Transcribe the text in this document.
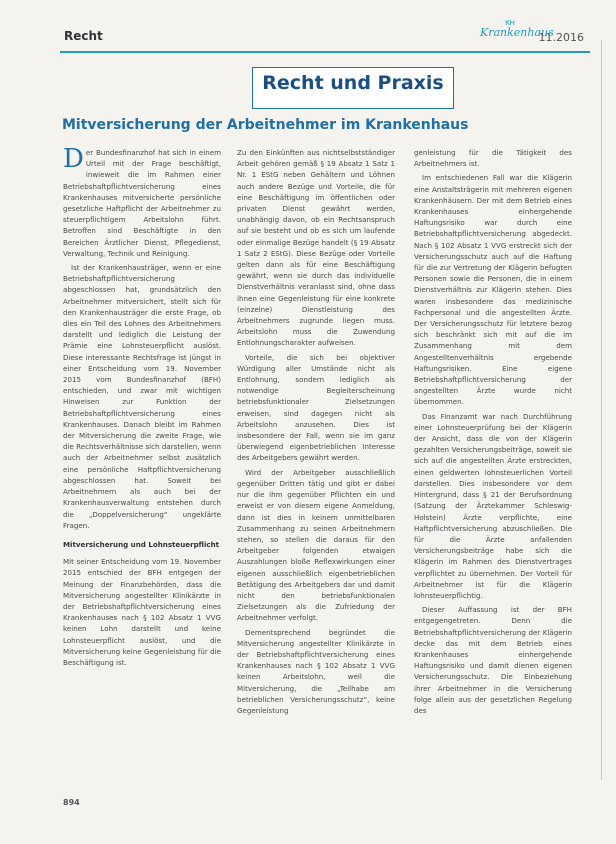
Recht
KH
Krankenhaus
11.2016
Recht und Praxis
Mitversicherung der Arbeitnehmer im Krankenhaus

Der Bundesfinanzhof hat sich in einem Urteil mit der Frage beschäftigt, inwieweit die im Rahmen einer Betriebshaftpflichtversicherung eines Krankenhauses mitversicherte persönliche gesetzliche Haftpflicht der Arbeitnehmer zu steuerpflichtigem Arbeitslohn führt. Betroffen sind Beschäftigte in den Bereichen Ärztlicher Dienst, Pflegedienst, Verwaltung, Technik und Reinigung.

Ist der Krankenhausträger, wenn er eine Betriebshaftpflichtversicherung abgeschlossen hat, grundsätzlich den Arbeitnehmer mitversichert, stellt sich für den Krankenhausträger die erste Frage, ob dies ein Teil des Lohnes des Arbeitnehmers darstellt und lediglich die Leistung der Prämie eine Lohnsteuerpflicht auslöst. Diese interessante Rechtsfrage ist jüngst in einer Entscheidung vom 19. November 2015 vom Bundesfinanzhof (BFH) entschieden, und zwar mit wichtigen Hinweisen zur Funktion der Betriebshaftpflichtversicherung eines Krankenhauses. Danach bleibt im Rahmen der Mitversicherung die zweite Frage, wie die Rechtsverhältnisse sich darstellen, wenn auch der Arbeitnehmer selbst zusätzlich eine persönliche Haftpflichtversicherung abgeschlossen hat. Soweit bei Arbeitnehmern als auch bei der Krankenhausverwaltung entstehen durch die „Doppelversicherung“ ungeklärte Fragen.

Mitversicherung und Lohnsteuerpflicht

Mit seiner Entscheidung vom 19. November 2015 entschied der BFH entgegen der Meinung der Finanzbehörden, dass die Mitversicherung angestellter Klinikärzte in der Betriebshaftpflichtversicherung eines Krankenhauses nach § 102 Absatz 1 VVG keinen Lohn darstellt und keine Lohnsteuerpflicht auslöst, und die Mitversicherung keine Gegenleistung für die Beschäftigung ist.

Zu den Einkünften aus nichtselbstständiger Arbeit gehören gemäß § 19 Absatz 1 Satz 1 Nr. 1 EStG neben Gehältern und Löhnen auch andere Bezüge und Vorteile, die für eine Beschäftigung im öffentlichen oder privaten Dienst gewährt werden, unabhängig davon, ob ein Rechtsanspruch auf sie besteht und ob es sich um laufende oder einmalige Bezüge handelt (§ 19 Absatz 1 Satz 2 EStG). Diese Bezüge oder Vorteile gelten dann als für eine Beschäftigung gewährt, wenn sie durch das individuelle Dienstverhältnis veranlasst sind, ohne dass ihnen eine Gegenleistung für eine konkrete (einzelne) Dienstleistung des Arbeitnehmers zugrunde liegen muss. Arbeitslohn muss die Zuwendung Entlohnungscharakter aufweisen.

Vorteile, die sich bei objektiver Würdigung aller Umstände nicht als Entlohnung, sondern lediglich als notwendige Begleiterscheinung betriebsfunktionaler Zielsetzungen erweisen, sind dagegen nicht als Arbeitslohn anzusehen. Dies ist insbesondere der Fall, wenn sie im ganz überwiegend eigenbetrieblichen Interesse des Arbeitgebers gewährt werden.

Wird der Arbeitgeber ausschließlich gegenüber Dritten tätig und gibt er dabei nur die ihm gegenüber Pflichten ein und erweist er von diesem eigene Anmeldung, dann ist dies in keinem unmittelbaren Zusammenhang zu seinen Arbeitnehmern stehen, so stellen die daraus für den Arbeitgeber folgenden etwaigen Auszahlungen bloße Reflexwirkungen einer eigenen ausschließlich eigenbetrieblichen Betätigung des Arbeitgebers dar und damit nicht den betriebsfunktionalen Zielsetzungen als die Zufriedung der Arbeitnehmer verfolgt.

Dementsprechend begründet die Mitversicherung angestellter Klinikärzte in der Betriebshaftpflichtversicherung eines Krankenhauses nach § 102 Absatz 1 VVG keinen Arbeitslohn, weil die Mitversicherung, die „Teilhabe am betrieblichen Versicherungsschutz“, keine Gegenleistung

genleistung für die Tätigkeit des Arbeitnehmers ist.

Im entschiedenen Fall war die Klägerin eine Anstaltsträgerin mit mehreren eigenen Krankenhäusern. Der mit dem Betrieb eines Krankenhauses einhergehende Haftungsrisiko war durch eine Betriebshaftpflichtversicherung abgedeckt. Nach § 102 Absatz 1 VVG erstreckt sich der Versicherungsschutz auch auf die Haftung für die zur Vertretung der Klägerin befugten Personen sowie die Personen, die in einem Dienstverhältnis zur Klägerin stehen. Dies waren insbesondere das medizinische Fachpersonal und die angestellten Ärzte. Der Versicherungsschutz für letztere bezog sich beschränkt sich mit auf die im Zusammenhang mit dem Angestelltenverhältnis ergebende Haftungsrisiken. Eine eigene Betriebshaftpflichtversicherung der angestellten Ärzte wurde nicht übernommen.

Das Finanzamt war nach Durchführung einer Lohnsteuerprüfung bei der Klägerin der Ansicht, dass die von der Klägerin gezahlten Versicherungsbeiträge, soweit sie sich auf die angestellten Ärzte erstreckten, einen geldwerten lohnsteuerlichen Vorteil darstellen. Dies insbesondere vor dem Hintergrund, dass § 21 der Berufsordnung (Satzung der Ärztekammer Schleswig-Holstein) Ärzte verpflichte, eine Haftpflichtversicherung abzuschließen. Die für die Ärzte anfallenden Versicherungsbeiträge habe sich die Klägerin im Rahmen des Dienstvertrages verpflichtet zu übernehmen. Der Vorteil für Arbeitnehmer ist für die Klägerin lohnsteuerpflichtig.

Dieser Auffassung ist der BFH entgegengetreten. Denn die Betriebshaftpflichtversicherung der Klägerin decke das mit dem Betrieb eines Krankenhauses einhergehende Haftungsrisiko und damit dienen eigenen Versicherungsschutz. Die Einbeziehung ihrer Arbeitnehmer in die Versicherung folge allein aus der gesetzlichen Regelung des

894
